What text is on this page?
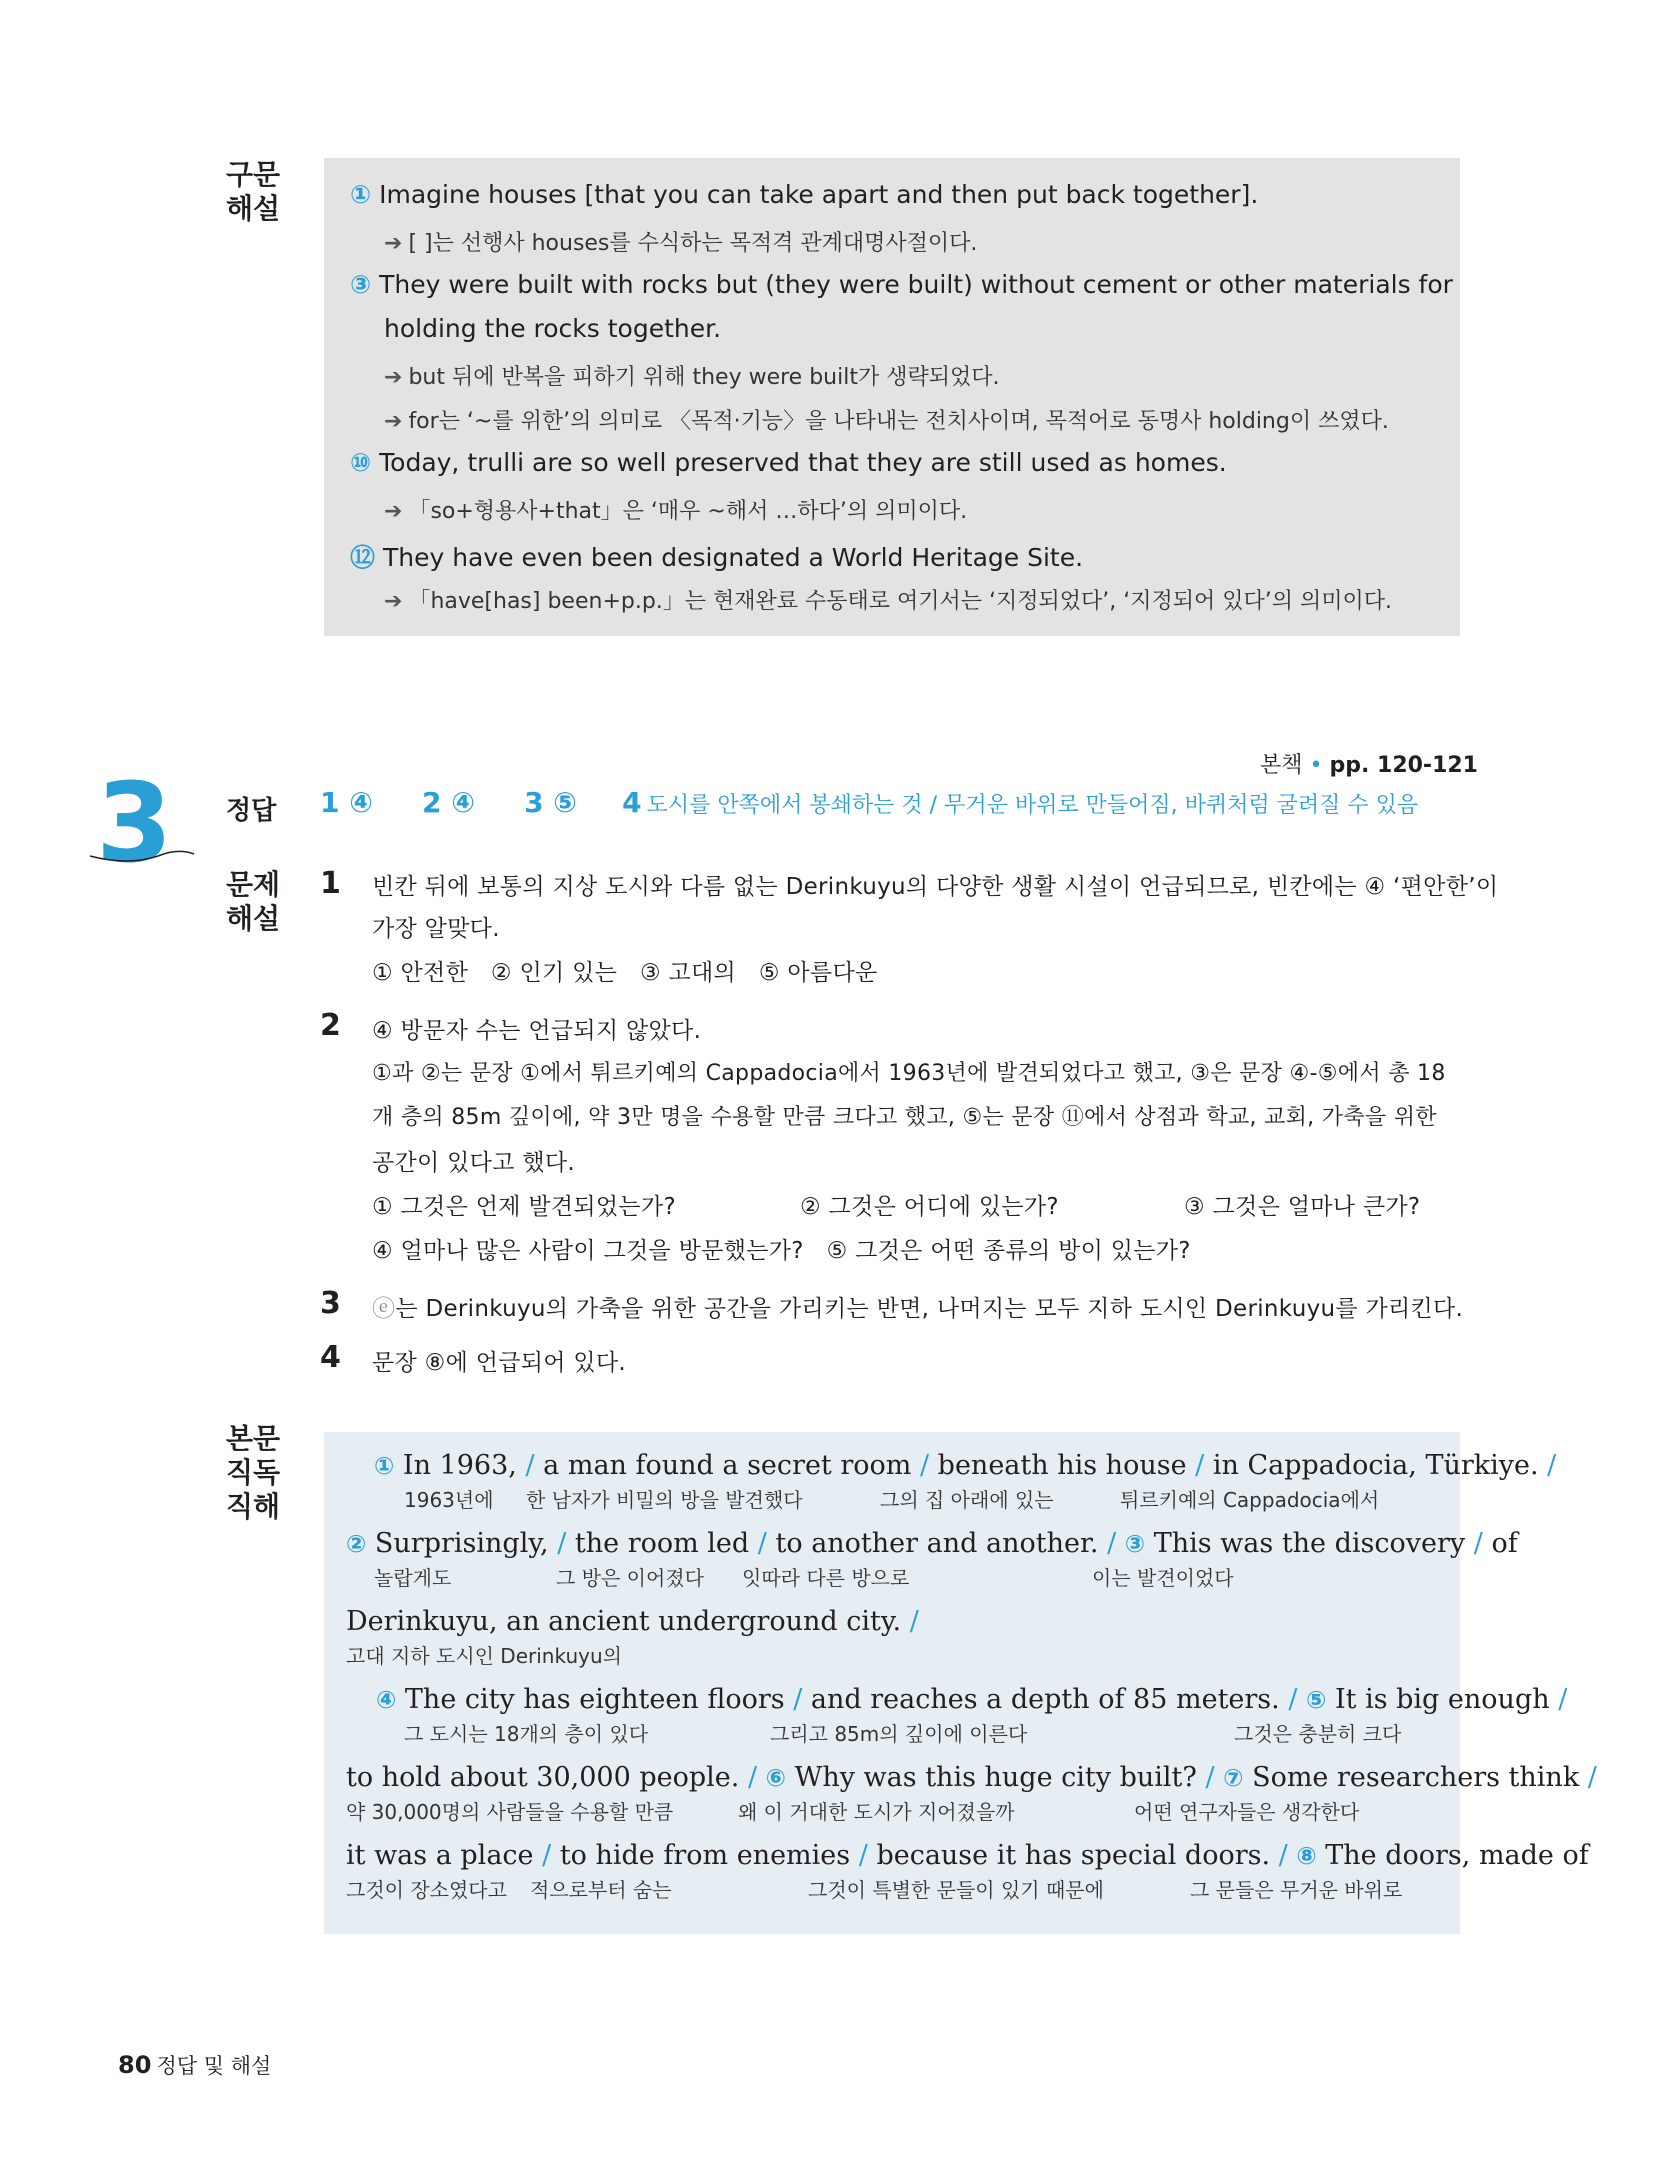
구문
해설	① Imagine houses [that you can take apart and then put back together].
➔ [ ]는 선행사 houses를 수식하는 목적격 관계대명사절이다.
③ They were built with rocks but (they were built) without cement or other materials for
holding the rocks together.
➔ but 뒤에 반복을 피하기 위해 they were built가 생략되었다.
➔ for는 ‘~를 위한’의 의미로 〈목적·기능〉을 나타내는 전치사이며, 목적어로 동명사 holding이 쓰였다.
⑩ Today, trulli are so well preserved that they are still used as homes.
➔ 「so+형용사+that」은 ‘매우 ~해서 …하다’의 의미이다.
⑫ They have even been designated a World Heritage Site.
➔ 「have[has] been+p.p.」는 현재완료 수동태로 여기서는 ‘지정되었다’, ‘지정되어 있다’의 의미이다.
3	본책 • pp. 120-121
정답 1 ④ 2 ④ 3 ⑤ 4 도시를 안쪽에서 봉쇄하는 것 / 무거운 바위로 만들어짐, 바퀴처럼 굴려질 수 있음
문제
해설
1 빈칸 뒤에 보통의 지상 도시와 다름 없는 Derinkuyu의 다양한 생활 시설이 언급되므로, 빈칸에는 ④ ‘편안한’이
가장 알맞다.
① 안전한   ② 인기 있는   ③ 고대의   ⑤ 아름다운
2 ④ 방문자 수는 언급되지 않았다.
①과 ②는 문장 ①에서 튀르키예의 Cappadocia에서 1963년에 발견되었다고 했고, ③은 문장 ④-⑤에서 총 18
개 층의 85m 깊이에, 약 3만 명을 수용할 만큼 크다고 했고, ⑤는 문장 ⑪에서 상점과 학교, 교회, 가축을 위한
공간이 있다고 했다.
① 그것은 언제 발견되었는가?	② 그것은 어디에 있는가?	③ 그것은 얼마나 큰가?
④ 얼마나 많은 사람이 그것을 방문했는가?   ⑤ 그것은 어떤 종류의 방이 있는가?
3 ⓔ는 Derinkuyu의 가축을 위한 공간을 가리키는 반면, 나머지는 모두 지하 도시인 Derinkuyu를 가리킨다.
4 문장 ⑧에 언급되어 있다.
본문
직독
직해
① In 1963, / a man found a secret room / beneath his house / in Cappadocia, Türkiye. /
1963년에 한 남자가 비밀의 방을 발견했다	그의 집 아래에 있는	튀르키예의 Cappadocia에서
② Surprisingly, / the room led / to another and another. / ③ This was the discovery / of
놀랍게도	그 방은 이어졌다 잇따라 다른 방으로	이는 발견이었다
Derinkuyu, an ancient underground city. /
고대 지하 도시인 Derinkuyu의
④ The city has eighteen floors / and reaches a depth of 85 meters. / ⑤ It is big enough /
그 도시는 18개의 층이 있다	그리고 85m의 깊이에 이른다	그것은 충분히 크다
to hold about 30,000 people. / ⑥ Why was this huge city built? / ⑦ Some researchers think /
약 30,000명의 사람들을 수용할 만큼	왜 이 거대한 도시가 지어졌을까	어떤 연구자들은 생각한다
it was a place / to hide from enemies / because it has special doors. / ⑧ The doors, made of
그것이 장소였다고 적으로부터 숨는	그것이 특별한 문들이 있기 때문에	그 문들은 무거운 바위로
80 정답 및 해설
